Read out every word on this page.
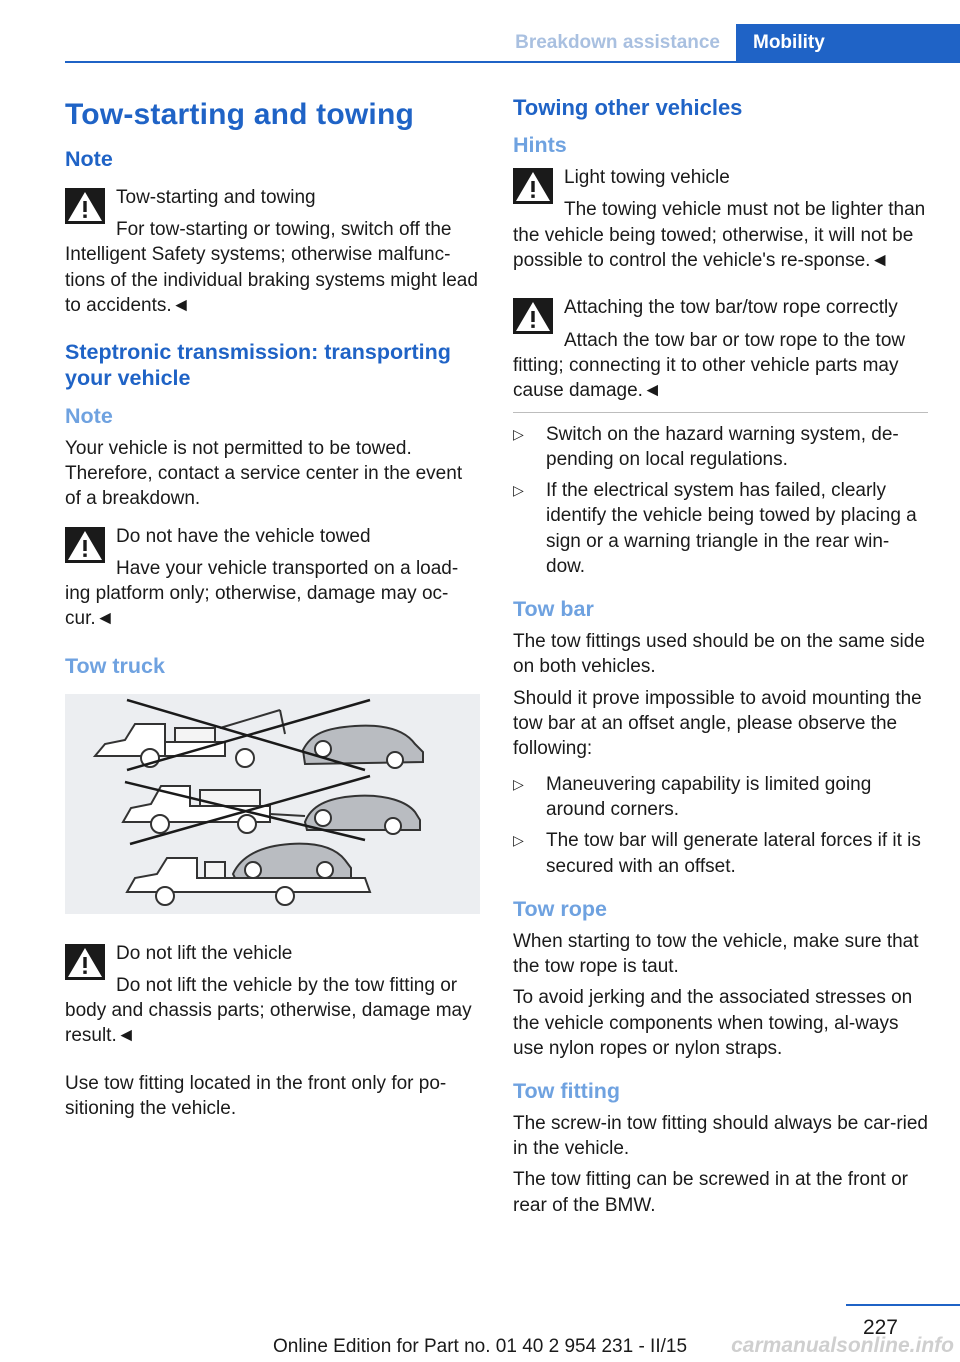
Breakdown assistance	Mobility
Tow-starting and towing
Note

Tow-starting and towing

For tow-starting or towing, switch off the Intelligent Safety systems; otherwise malfunc-tions of the individual braking systems might lead to accidents.◄

Steptronic transmission: transporting your vehicle
Note

Your vehicle is not permitted to be towed. Therefore, contact a service center in the event of a breakdown.

Do not have the vehicle towed

Have your vehicle transported on a load-ing platform only; otherwise, damage may oc-cur.◄

Tow truck

Do not lift the vehicle

Do not lift the vehicle by the tow fitting or body and chassis parts; otherwise, damage may result.◄

Use tow fitting located in the front only for po-sitioning the vehicle.

Towing other vehicles
Hints

Light towing vehicle

The towing vehicle must not be lighter than the vehicle being towed; otherwise, it will not be possible to control the vehicle's re-sponse.◄

Attaching the tow bar/tow rope correctly

Attach the tow bar or tow rope to the tow fitting; connecting it to other vehicle parts may cause damage.◄

▷ Switch on the hazard warning system, de-pending on local regulations.
▷ If the electrical system has failed, clearly identify the vehicle being towed by placing a sign or a warning triangle in the rear win-dow.
Tow bar

The tow fittings used should be on the same side on both vehicles.

Should it prove impossible to avoid mounting the tow bar at an offset angle, please observe the following:

▷ Maneuvering capability is limited going around corners.
▷ The tow bar will generate lateral forces if it is secured with an offset.
Tow rope

When starting to tow the vehicle, make sure that the tow rope is taut.

To avoid jerking and the associated stresses on the vehicle components when towing, al-ways use nylon ropes or nylon straps.

Tow fitting

The screw-in tow fitting should always be car-ried in the vehicle.

The tow fitting can be screwed in at the front or rear of the BMW.

227
Online Edition for Part no. 01 40 2 954 231 - II/15	carmanualsonline.info
